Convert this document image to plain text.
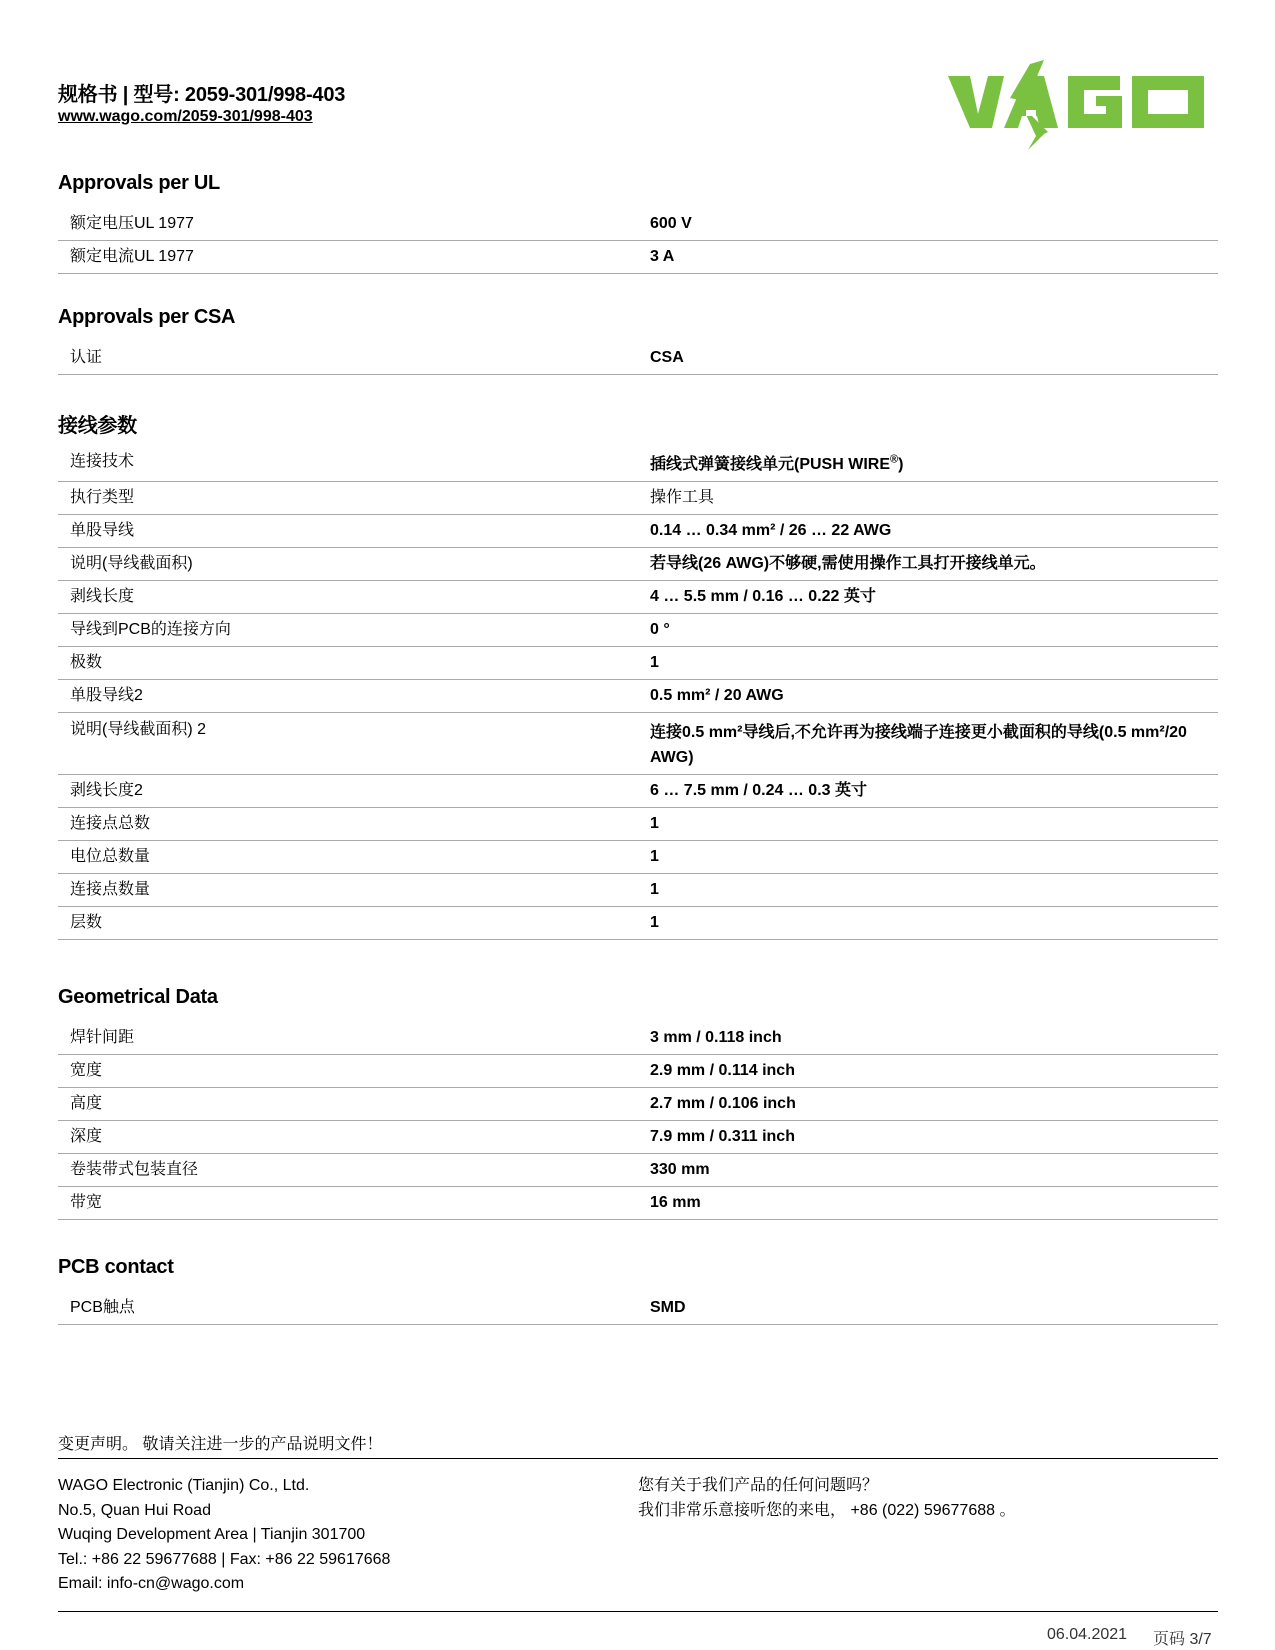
规格书 | 型号: 2059-301/998-403
www.wago.com/2059-301/998-403
Approvals per UL
额定电压UL 1977	600 V
额定电流UL 1977	3 A
Approvals per CSA
认证	CSA
接线参数
连接技术	插线式弹簧接线单元(PUSH WIRE®)
执行类型	操作工具
单股导线	0.14 … 0.34 mm² / 26 … 22 AWG
说明(导线截面积)	若导线(26 AWG)不够硬,需使用操作工具打开接线单元。
剥线长度	4 … 5.5 mm / 0.16 … 0.22 英寸
导线到PCB的连接方向	0 °
极数	1
单股导线2	0.5 mm² / 20 AWG
说明(导线截面积) 2	连接0.5 mm²导线后,不允许再为接线端子连接更小截面积的导线(0.5 mm²/20 AWG)
剥线长度2	6 … 7.5 mm / 0.24 … 0.3 英寸
连接点总数	1
电位总数量	1
连接点数量	1
层数	1
Geometrical Data
焊针间距	3 mm / 0.118 inch
宽度	2.9 mm / 0.114 inch
高度	2.7 mm / 0.106 inch
深度	7.9 mm / 0.311 inch
卷装带式包装直径	330 mm
带宽	16 mm
PCB contact
PCB触点	SMD
变更声明。 敬请关注进一步的产品说明文件！
WAGO Electronic (Tianjin) Co., Ltd.
No.5, Quan Hui Road
Wuqing Development Area | Tianjin 301700
Tel.: +86 22 59677688 | Fax: +86 22 59617668
Email: info-cn@wago.com
您有关于我们产品的任何问题吗？
我们非常乐意接听您的来电， +86 (022) 59677688 。
06.04.2021 页码 3/7
